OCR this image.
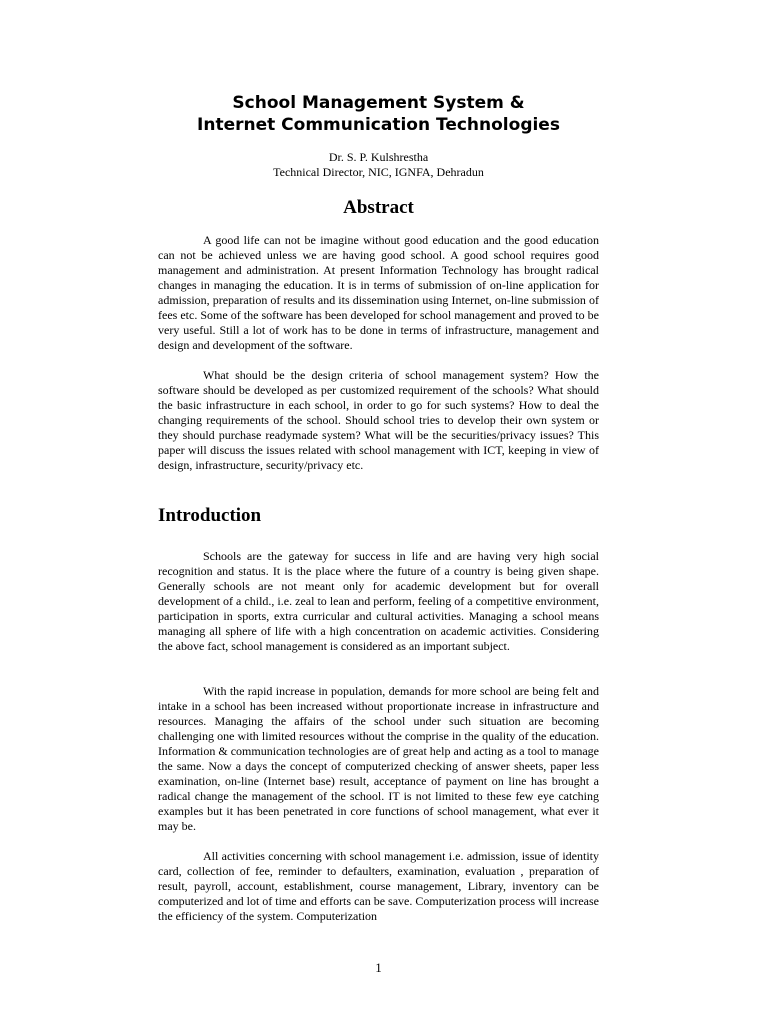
School Management System &
Internet Communication Technologies
Dr. S. P. Kulshrestha
Technical Director, NIC, IGNFA, Dehradun
Abstract

A good life can not be imagine without good education and the good education can not be achieved unless we are having good school. A good school requires good management and administration. At present Information Technology has brought radical changes in managing the education. It is in terms of submission of on-line application for admission, preparation of results and its dissemination using Internet, on-line submission of fees etc. Some of the software has been developed for school management and proved to be very useful. Still a lot of work has to be done in terms of infrastructure, management and design and development of the software.

What should be the design criteria of school management system? How the software should be developed as per customized requirement of the schools? What should the basic infrastructure in each school, in order to go for such systems? How to deal the changing requirements of the school. Should school tries to develop their own system or they should purchase readymade system? What will be the securities/privacy issues? This paper will discuss the issues related with school management with ICT, keeping in view of design, infrastructure, security/privacy etc.

Introduction

Schools are the gateway for success in life and are having very high social recognition and status. It is the place where the future of a country is being given shape. Generally schools are not meant only for academic development but for overall development of a child., i.e. zeal to lean and perform, feeling of a competitive environment, participation in sports, extra curricular and cultural activities. Managing a school means managing all sphere of life with a high concentration on academic activities. Considering the above fact, school management is considered as an important subject.

With the rapid increase in population, demands for more school are being felt and intake in a school has been increased without proportionate increase in infrastructure and resources. Managing the affairs of the school under such situation are becoming challenging one with limited resources without the comprise in the quality of the education. Information & communication technologies are of great help and acting as a tool to manage the same. Now a days the concept of computerized checking of answer sheets, paper less examination, on-line (Internet base) result, acceptance of payment on line has brought a radical change the management of the school. IT is not limited to these few eye catching examples but it has been penetrated in core functions of school management, what ever it may be.

All activities concerning with school management i.e. admission, issue of identity card, collection of fee, reminder to defaulters, examination, evaluation , preparation of result, payroll, account, establishment, course management, Library, inventory can be computerized and lot of time and efforts can be save. Computerization process will increase the efficiency of the system. Computerization

1
